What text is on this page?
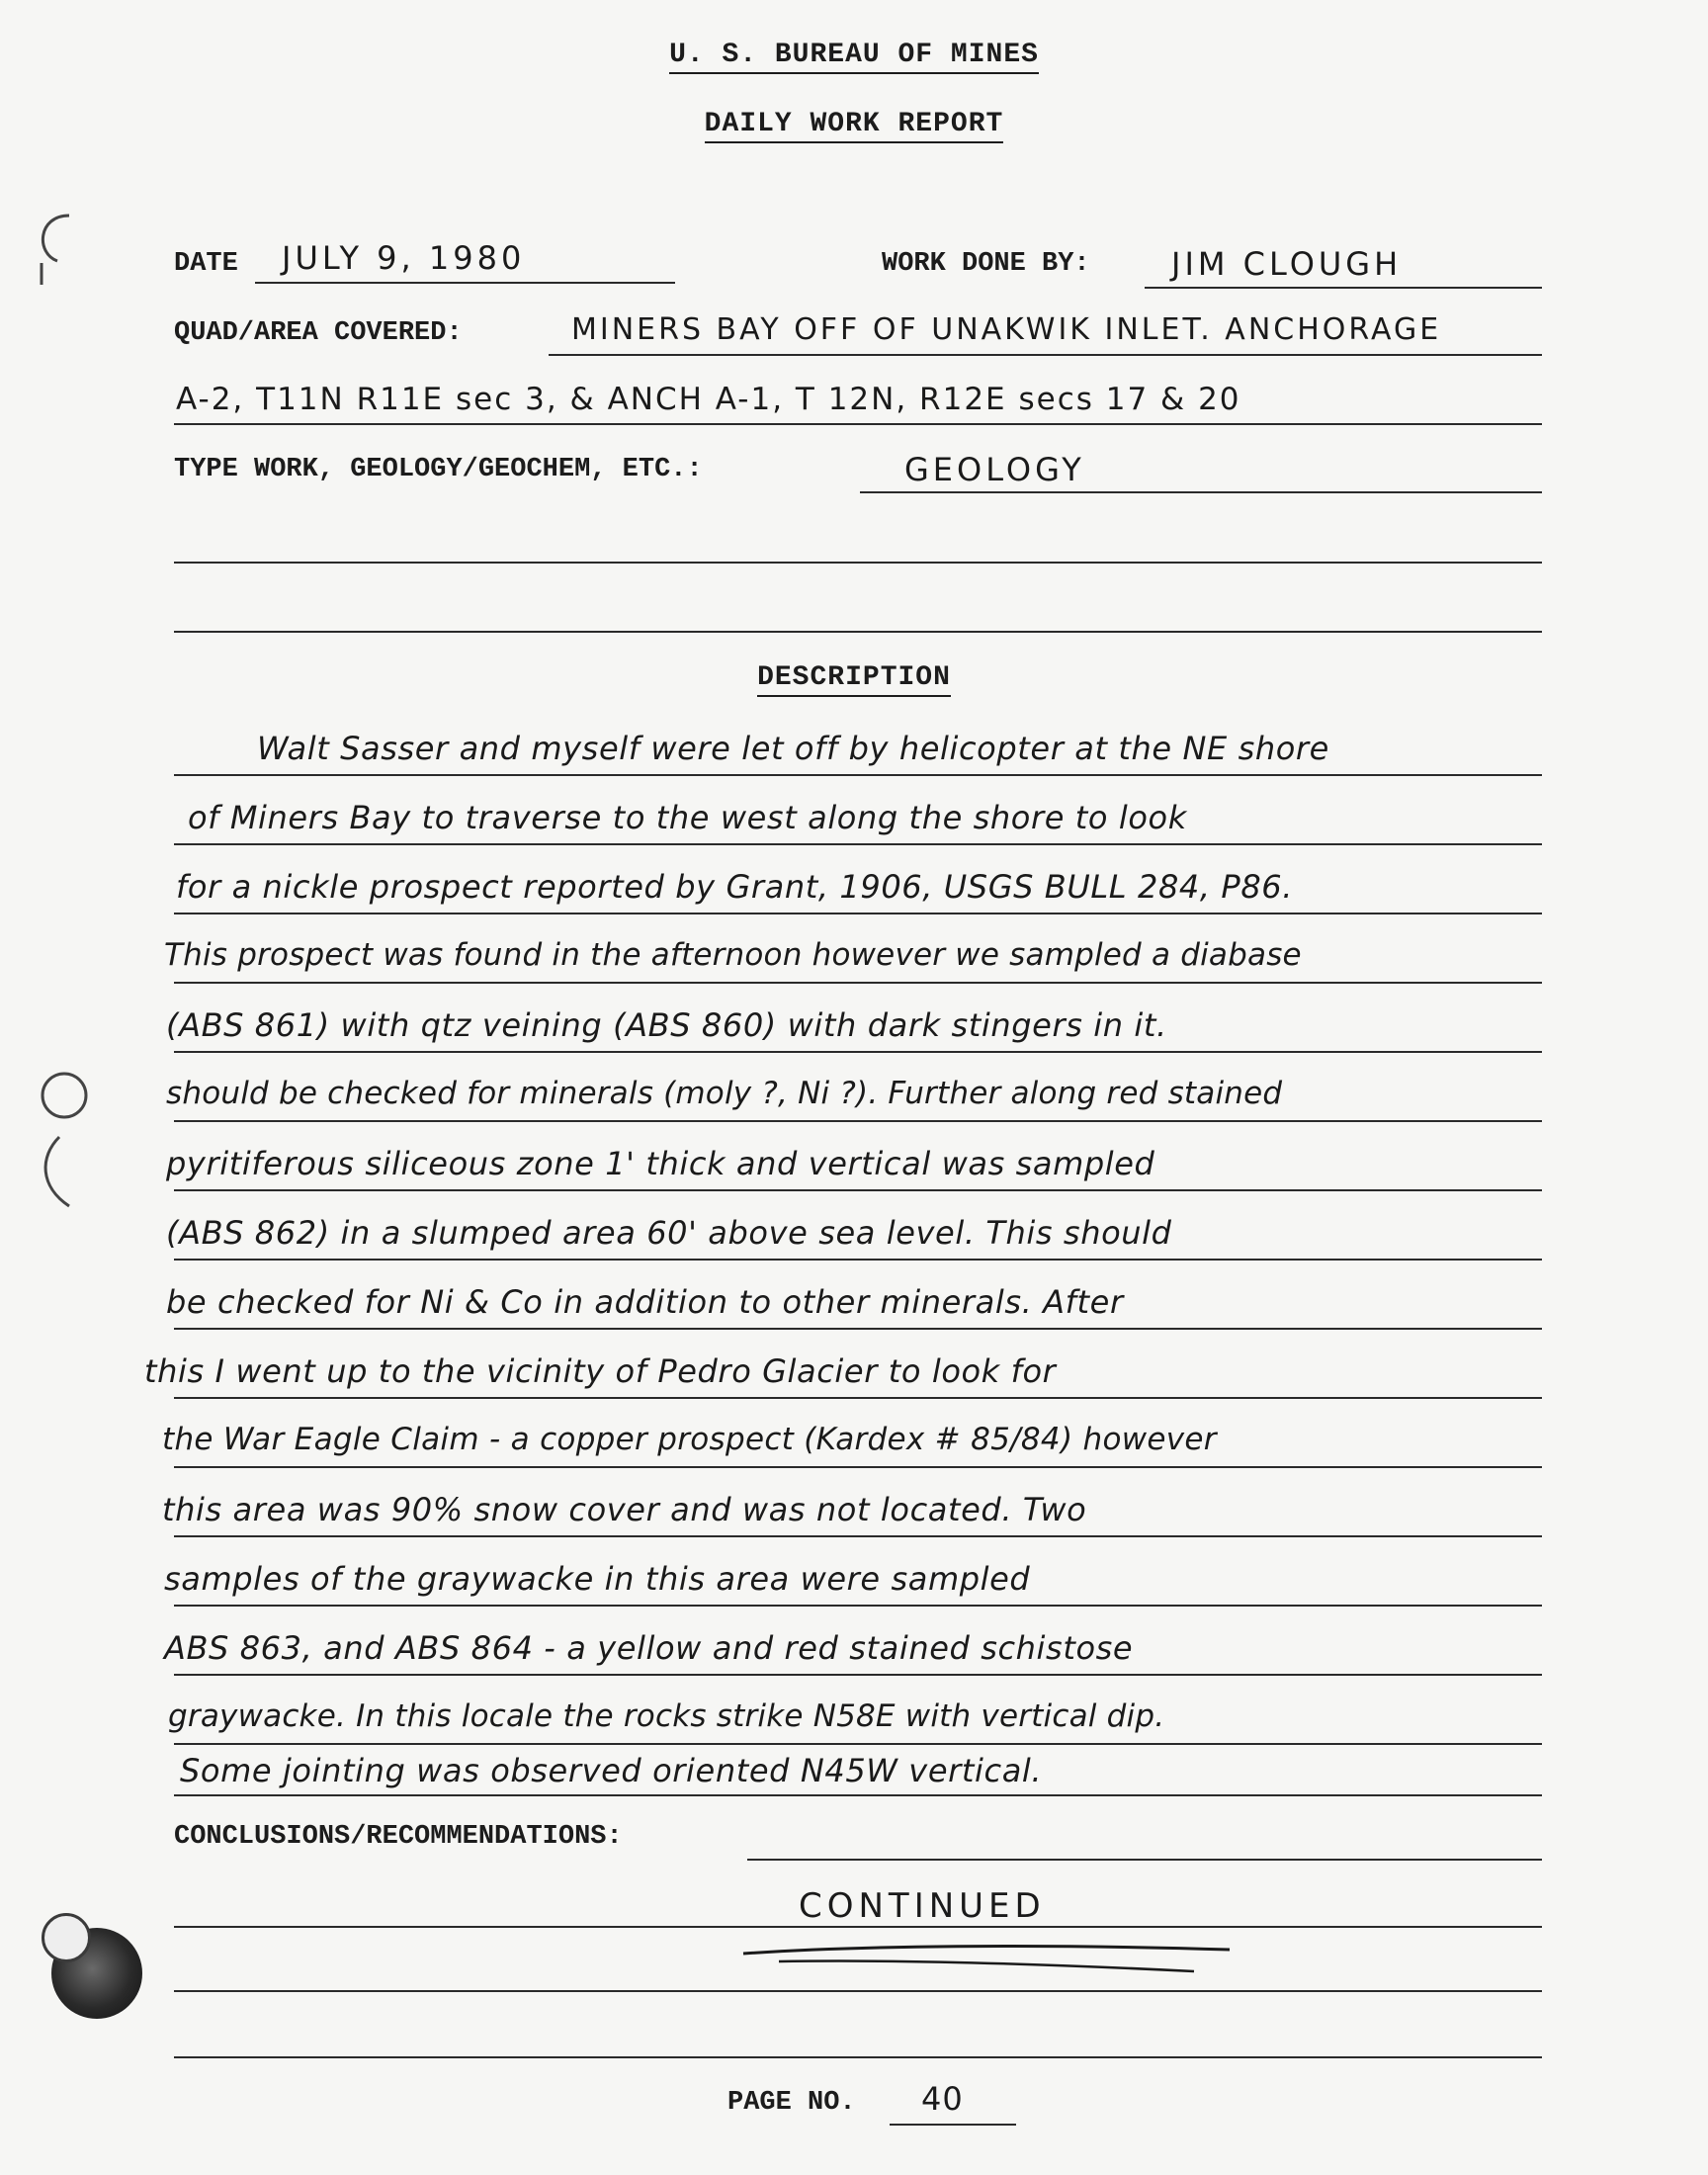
U. S. BUREAU OF MINES
DAILY WORK REPORT
DATE JULY 9, 1980	WORK DONE BY:	JIM CLOUGH
QUAD/AREA COVERED:	MINERS BAY OFF OF UNAKWIK INLET. ANCHORAGE
A-2, T11N R11E sec 3, & ANCH A-1, T 12N, R12E secs 17 & 20
TYPE WORK, GEOLOGY/GEOCHEM, ETC.:	GEOLOGY
DESCRIPTION
Walt Sasser and myself were let off by helicopter at the NE shore
of Miners Bay to traverse to the west along the shore to look
for a nickle prospect reported by Grant, 1906, USGS BULL 284, P86.
This prospect was found in the afternoon however we sampled a diabase
(ABS 861) with qtz veining (ABS 860) with dark stingers in it.
should be checked for minerals (moly ?, Ni ?). Further along red stained
pyritiferous siliceous zone 1' thick and vertical was sampled
(ABS 862) in a slumped area 60' above sea level. This should
be checked for Ni & Co in addition to other minerals. After
this I went up to the vicinity of Pedro Glacier to look for
the War Eagle Claim - a copper prospect (Kardex # 85/84) however
this area was 90% snow cover and was not located. Two
samples of the graywacke in this area were sampled
ABS 863, and ABS 864 - a yellow and red stained schistose
graywacke. In this locale the rocks strike N58E with vertical dip.
Some jointing was observed oriented N45W vertical.
CONCLUSIONS/RECOMMENDATIONS:
CONTINUED
PAGE NO. 40
